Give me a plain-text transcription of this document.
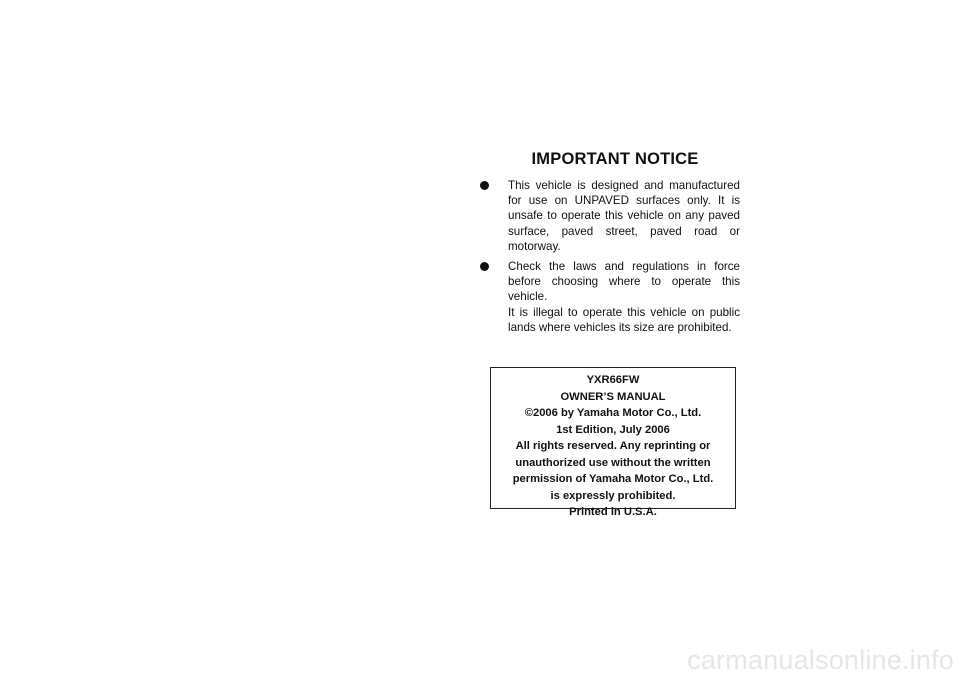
IMPORTANT NOTICE

This vehicle is designed and manufactured for use on UNPAVED surfaces only. It is unsafe to operate this vehicle on any paved surface, paved street, paved road or motorway.

Check the laws and regulations in force before choosing where to operate this vehicle.

It is illegal to operate this vehicle on public lands where vehicles its size are prohibited.

YXR66FW
OWNER’S MANUAL
©2006 by Yamaha Motor Co., Ltd.
1st Edition, July 2006
All rights reserved. Any reprinting or
unauthorized use without the written
permission of Yamaha Motor Co., Ltd.
is expressly prohibited.
Printed in U.S.A.
carmanualsonline.info
